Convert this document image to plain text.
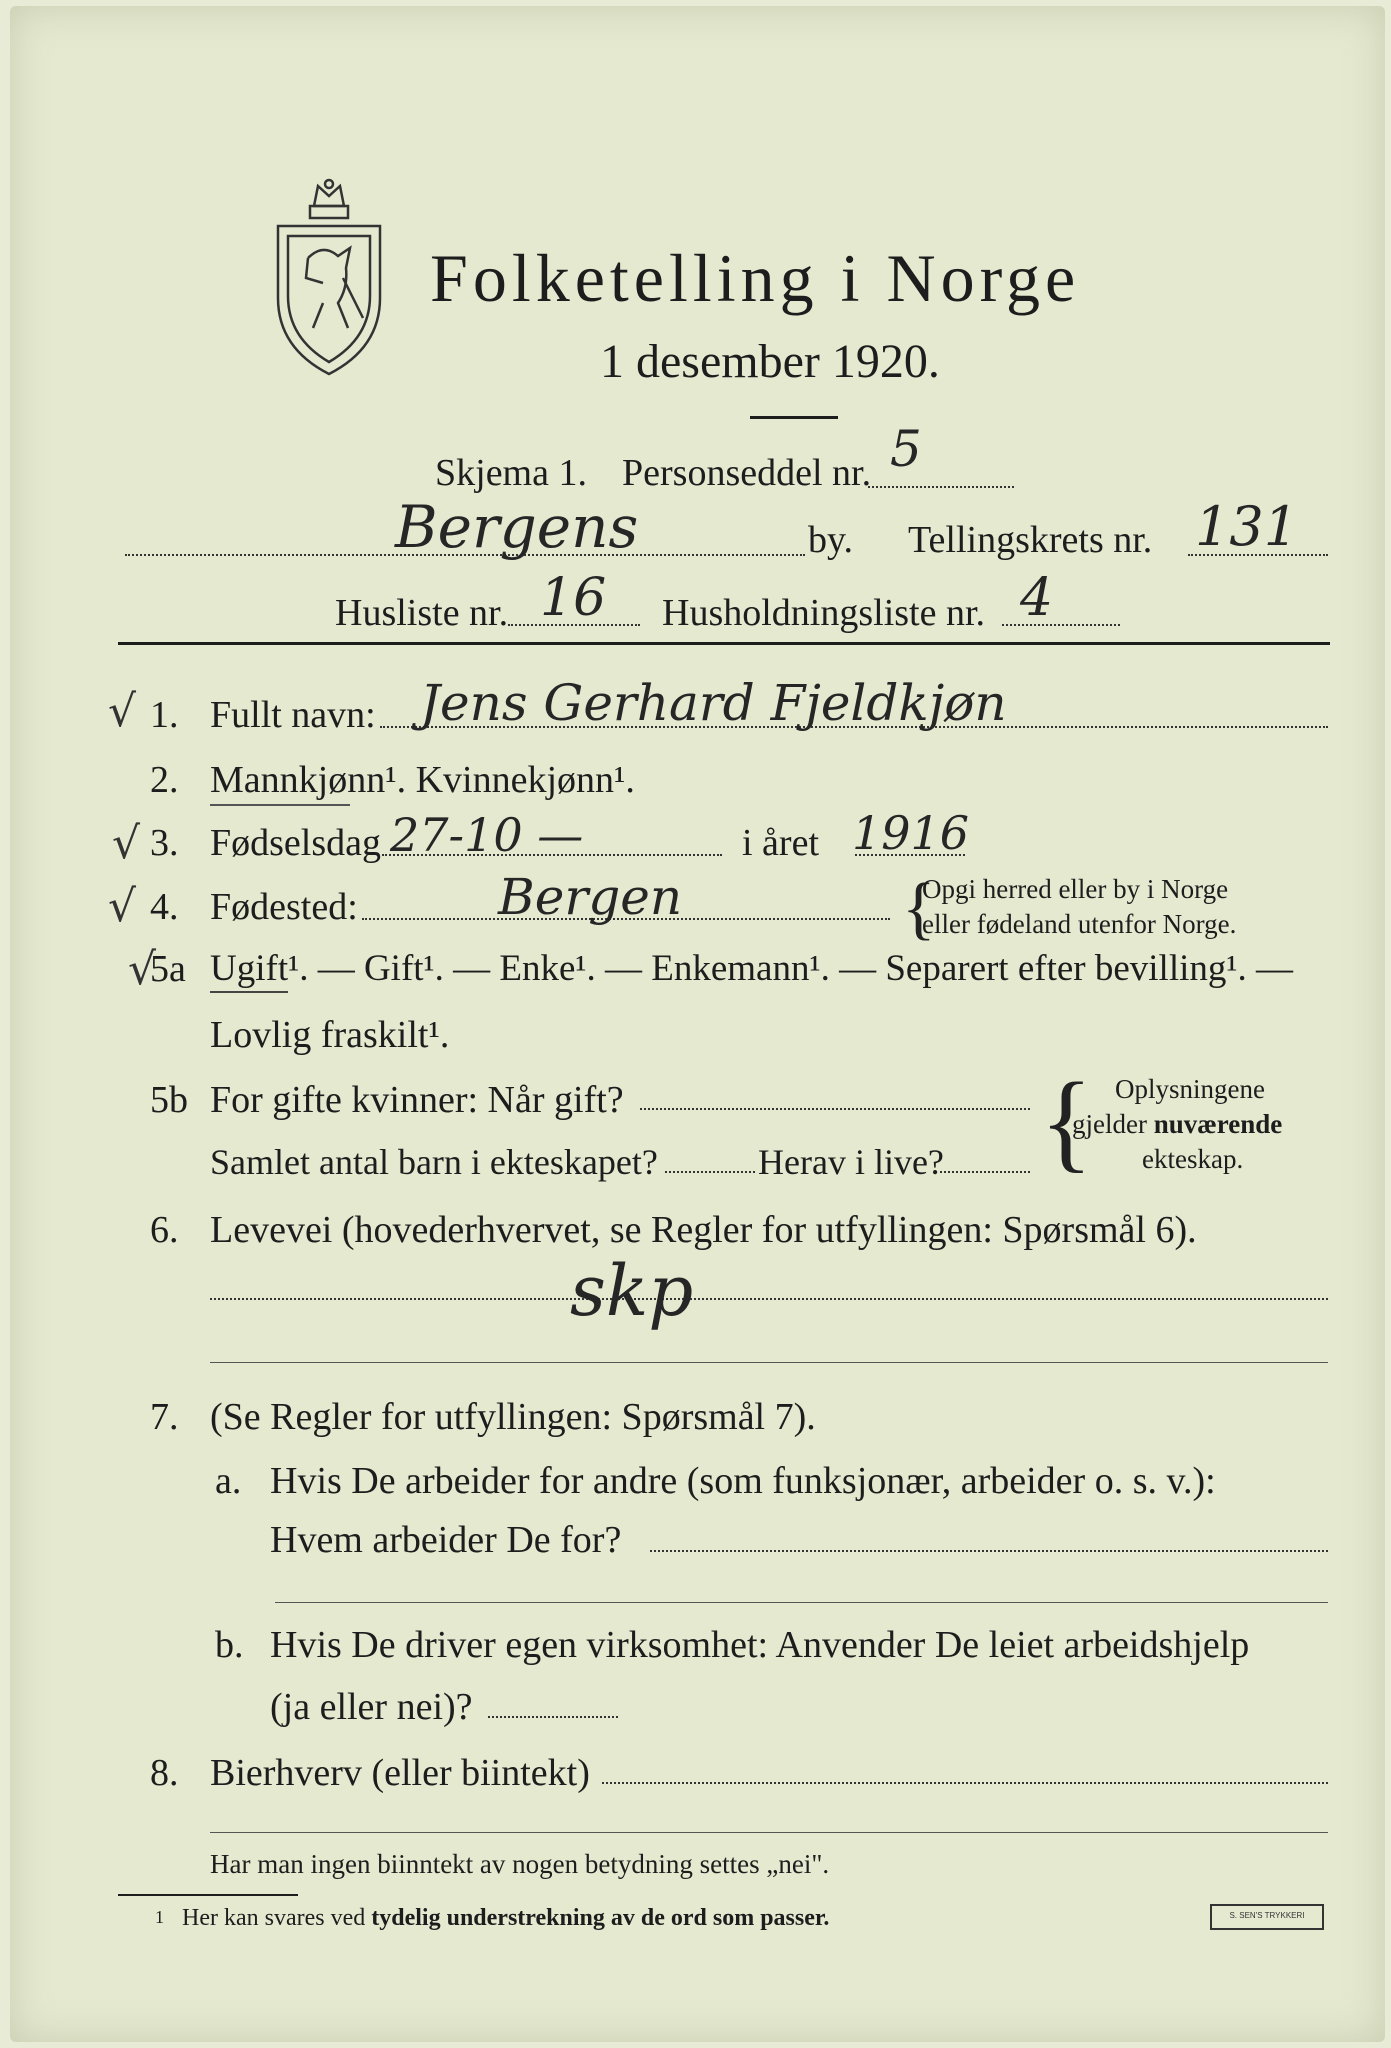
Folketelling i Norge
1 desember 1920.
Skjema 1. Personseddel nr. 5
Bergens	by. Tellingskrets nr. 131
Husliste nr. 16 Husholdningsliste nr. 4
√
√
√
√
1. Fullt navn: Jens Gerhard Fjeldkjøn
2. Mannkjønn¹. Kvinnekjønn¹.
3. Fødselsdag 27-10 —	i året 1916
4. Fødested:	Bergen	{
Opgi herred eller by i Norge
eller fødeland utenfor Norge.
5a Ugift¹. — Gift¹. — Enke¹. — Enkemann¹. — Separert efter bevilling¹. —
Lovlig fraskilt¹.
5b For gifte kvinner: Når gift?
Samlet antal barn i ekteskapet?	Herav i live? { Oplysningene
gjelder nuværende
ekteskap.
6. Levevei (hovederhvervet, se Regler for utfyllingen: Spørsmål 6).
skp
7. (Se Regler for utfyllingen: Spørsmål 7).
a. Hvis De arbeider for andre (som funksjonær, arbeider o. s. v.):
Hvem arbeider De for?
b. Hvis De driver egen virksomhet: Anvender De leiet arbeidshjelp
(ja eller nei)?
8. Bierhverv (eller biintekt)
Har man ingen biinntekt av nogen betydning settes „nei".
1 Her kan svares ved tydelig understrekning av de ord som passer.	S. SEN'S TRYKKERI
